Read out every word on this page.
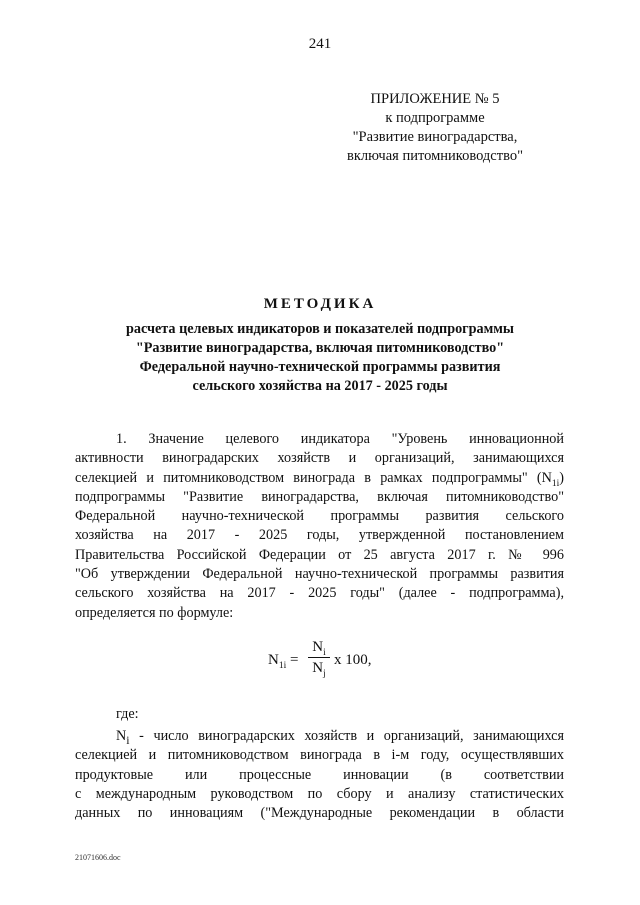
241
ПРИЛОЖЕНИЕ № 5
к подпрограмме
"Развитие виноградарства,
включая питомниководство"
МЕТОДИКА
расчета целевых индикаторов и показателей подпрограммы
"Развитие виноградарства, включая питомниководство"
Федеральной научно-технической программы развития
сельского хозяйства на 2017 - 2025 годы
1. Значение целевого индикатора "Уровень инновационной
активности виноградарских хозяйств и организаций, занимающихся
селекцией и питомниководством винограда в рамках подпрограммы" $(N_{1i})$
подпрограммы "Развитие виноградарства, включая питомниководство"
Федеральной научно-технической программы развития сельского
хозяйства на 2017 - 2025 годы, утвержденной постановлением
Правительства Российской Федерации от 25 августа 2017 г. № 996
"Об утверждении Федеральной научно-технической программы развития
сельского хозяйства на 2017 - 2025 годы" (далее - подпрограмма),
определяется по формуле:
$N_{1i}$ =
$N_i$
$N_j$
x 100,
где:
$N_i$ - число виноградарских хозяйств и организаций, занимающихся
селекцией и питомниководством винограда в i-м году, осуществлявших
продуктовые или процессные инновации (в соответствии
с международным руководством по сбору и анализу статистических
данных по инновациям ("Международные рекомендации в области
21071606.doc
